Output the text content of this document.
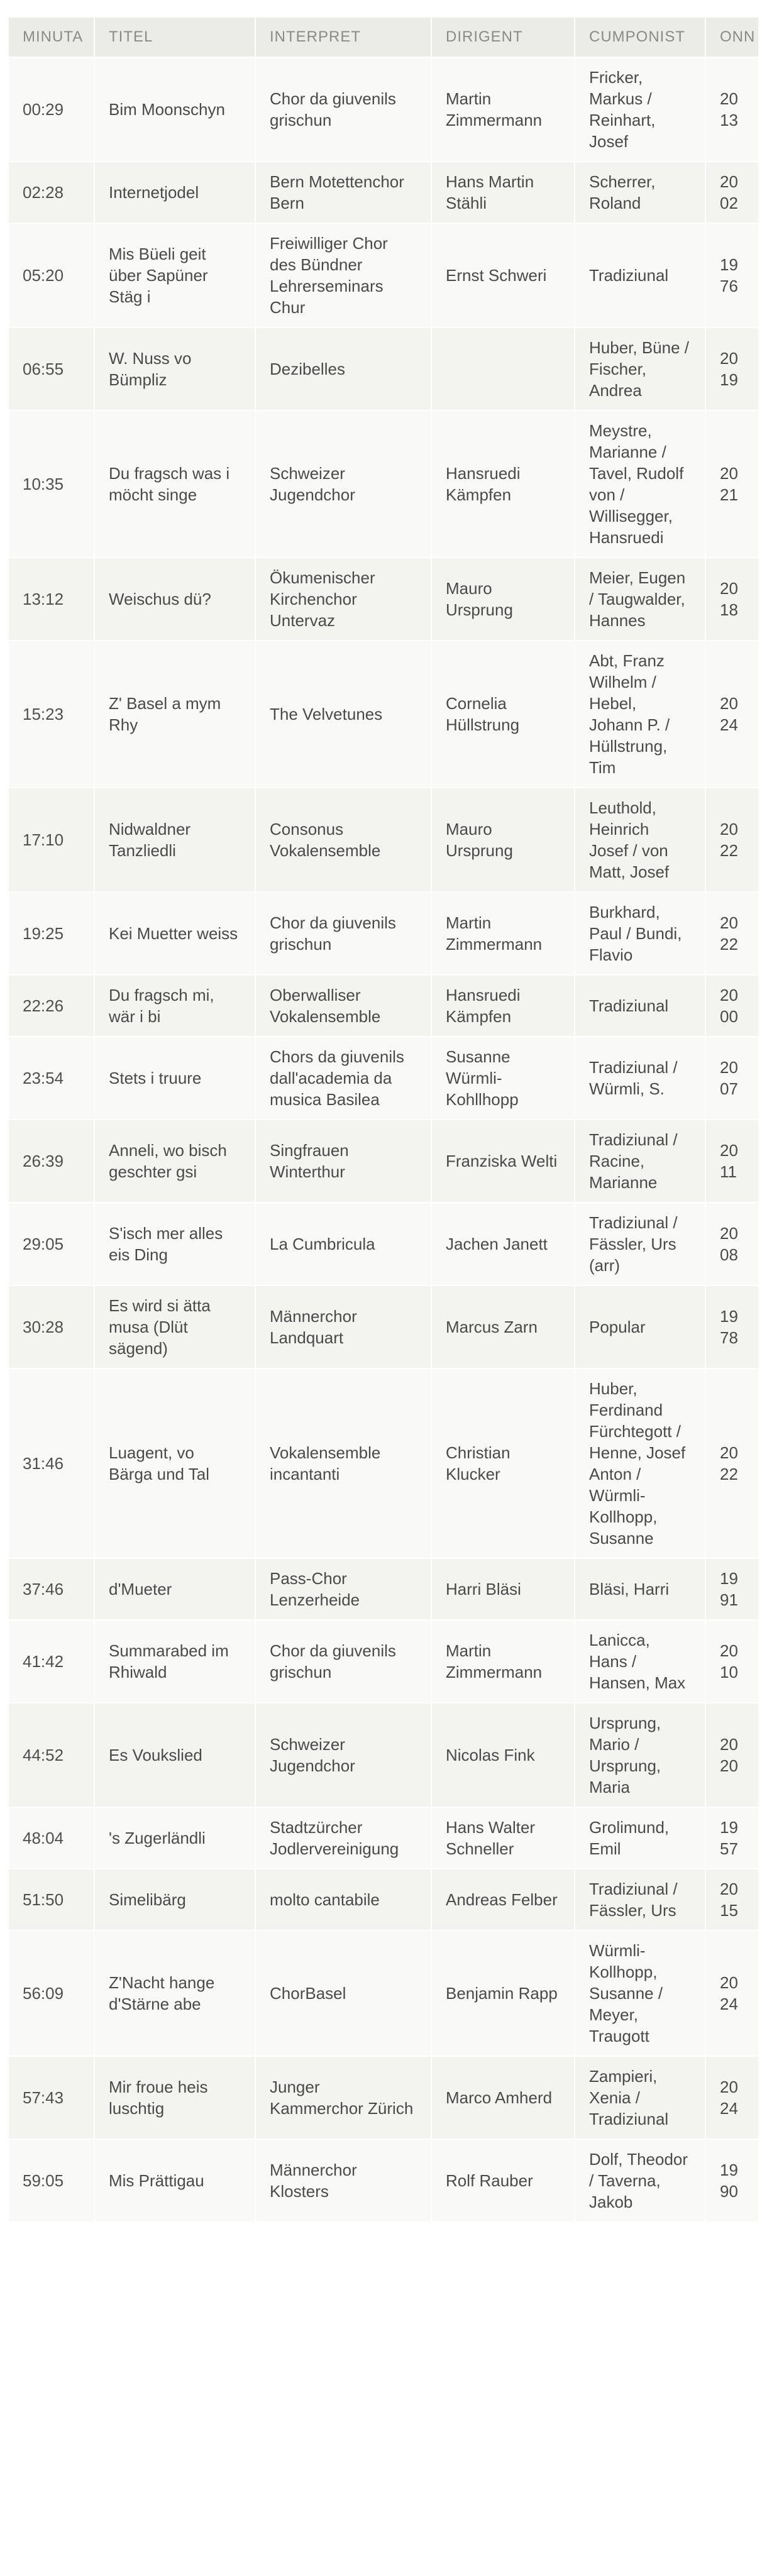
MINUTA	TITEL	INTERPRET	DIRIGENT	CUMPONIST	ONN
00:29	Bim Moonschyn	Chor da giuvenils grischun	Martin Zimmermann	Fricker, Markus / Reinhart, Josef	2013
02:28	Internetjodel	Bern Motettenchor Bern	Hans Martin Stähli	Scherrer, Roland	2002
05:20	Mis Büeli geit über Sapüner Stäg i	Freiwilliger Chor des Bündner Lehrerseminars Chur	Ernst Schweri	Tradiziunal	1976
06:55	W. Nuss vo Bümpliz	Dezibelles		Huber, Büne / Fischer, Andrea	2019
10:35	Du fragsch was i möcht singe	Schweizer Jugendchor	Hansruedi Kämpfen	Meystre, Marianne / Tavel, Rudolf von / Willisegger, Hansruedi	2021
13:12	Weischus dü?	Ökumenischer Kirchenchor Untervaz	Mauro Ursprung	Meier, Eugen / Taugwalder, Hannes	2018
15:23	Z' Basel a mym Rhy	The Velvetunes	Cornelia Hüllstrung	Abt, Franz Wilhelm / Hebel, Johann P. / Hüllstrung, Tim	2024
17:10	Nidwaldner Tanzliedli	Consonus Vokalensemble	Mauro Ursprung	Leuthold, Heinrich Josef / von Matt, Josef	2022
19:25	Kei Muetter weiss	Chor da giuvenils grischun	Martin Zimmermann	Burkhard, Paul / Bundi, Flavio	2022
22:26	Du fragsch mi, wär i bi	Oberwalliser Vokalensemble	Hansruedi Kämpfen	Tradiziunal	2000
23:54	Stets i truure	Chors da giuvenils dall'academia da musica Basilea	Susanne Würmli-Kohllhopp	Tradiziunal / Würmli, S.	2007
26:39	Anneli, wo bisch geschter gsi	Singfrauen Winterthur	Franziska Welti	Tradiziunal / Racine, Marianne	2011
29:05	S'isch mer alles eis Ding	La Cumbricula	Jachen Janett	Tradiziunal / Fässler, Urs (arr)	2008
30:28	Es wird si ätta musa (Dlüt sägend)	Männerchor Landquart	Marcus Zarn	Popular	1978
31:46	Luagent, vo Bärga und Tal	Vokalensemble incantanti	Christian Klucker	Huber, Ferdinand Fürchtegott / Henne, Josef Anton / Würmli-Kollhopp, Susanne	2022
37:46	d'Mueter	Pass-Chor Lenzerheide	Harri Bläsi	Bläsi, Harri	1991
41:42	Summarabed im Rhiwald	Chor da giuvenils grischun	Martin Zimmermann	Lanicca, Hans / Hansen, Max	2010
44:52	Es Voukslied	Schweizer Jugendchor	Nicolas Fink	Ursprung, Mario / Ursprung, Maria	2020
48:04	's Zugerländli	Stadtzürcher Jodlervereinigung	Hans Walter Schneller	Grolimund, Emil	1957
51:50	Simelibärg	molto cantabile	Andreas Felber	Tradiziunal / Fässler, Urs	2015
56:09	Z'Nacht hange d'Stärne abe	ChorBasel	Benjamin Rapp	Würmli-Kollhopp, Susanne / Meyer, Traugott	2024
57:43	Mir froue heis luschtig	Junger Kammerchor Zürich	Marco Amherd	Zampieri, Xenia / Tradiziunal	2024
59:05	Mis Prättigau	Männerchor Klosters	Rolf Rauber	Dolf, Theodor / Taverna, Jakob	1990
